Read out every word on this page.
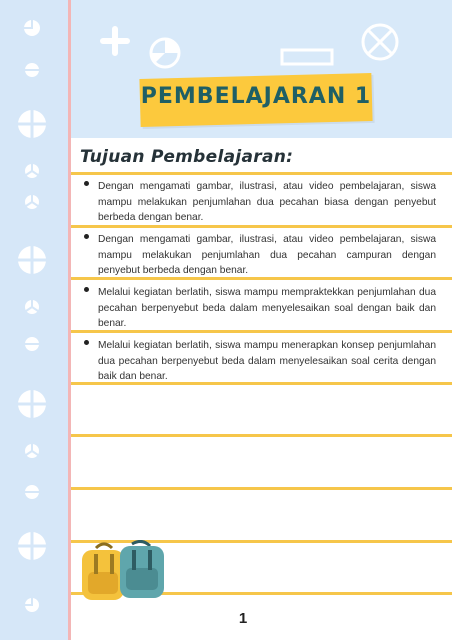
PEMBELAJARAN 1
Tujuan Pembelajaran:
Dengan mengamati gambar, ilustrasi, atau video pembelajaran, siswa mampu melakukan penjumlahan dua pecahan biasa dengan penyebut berbeda dengan benar.
Dengan mengamati gambar, ilustrasi, atau video pembelajaran, siswa mampu melakukan penjumlahan dua pecahan campuran dengan penyebut berbeda dengan benar.
Melalui kegiatan berlatih, siswa mampu mempraktekkan penjumlahan dua pecahan berpenyebut beda dalam menyelesaikan soal dengan baik dan benar.
Melalui kegiatan berlatih, siswa mampu menerapkan konsep penjumlahan dua pecahan berpenyebut beda dalam menyelesaikan soal cerita dengan baik dan benar.
1
